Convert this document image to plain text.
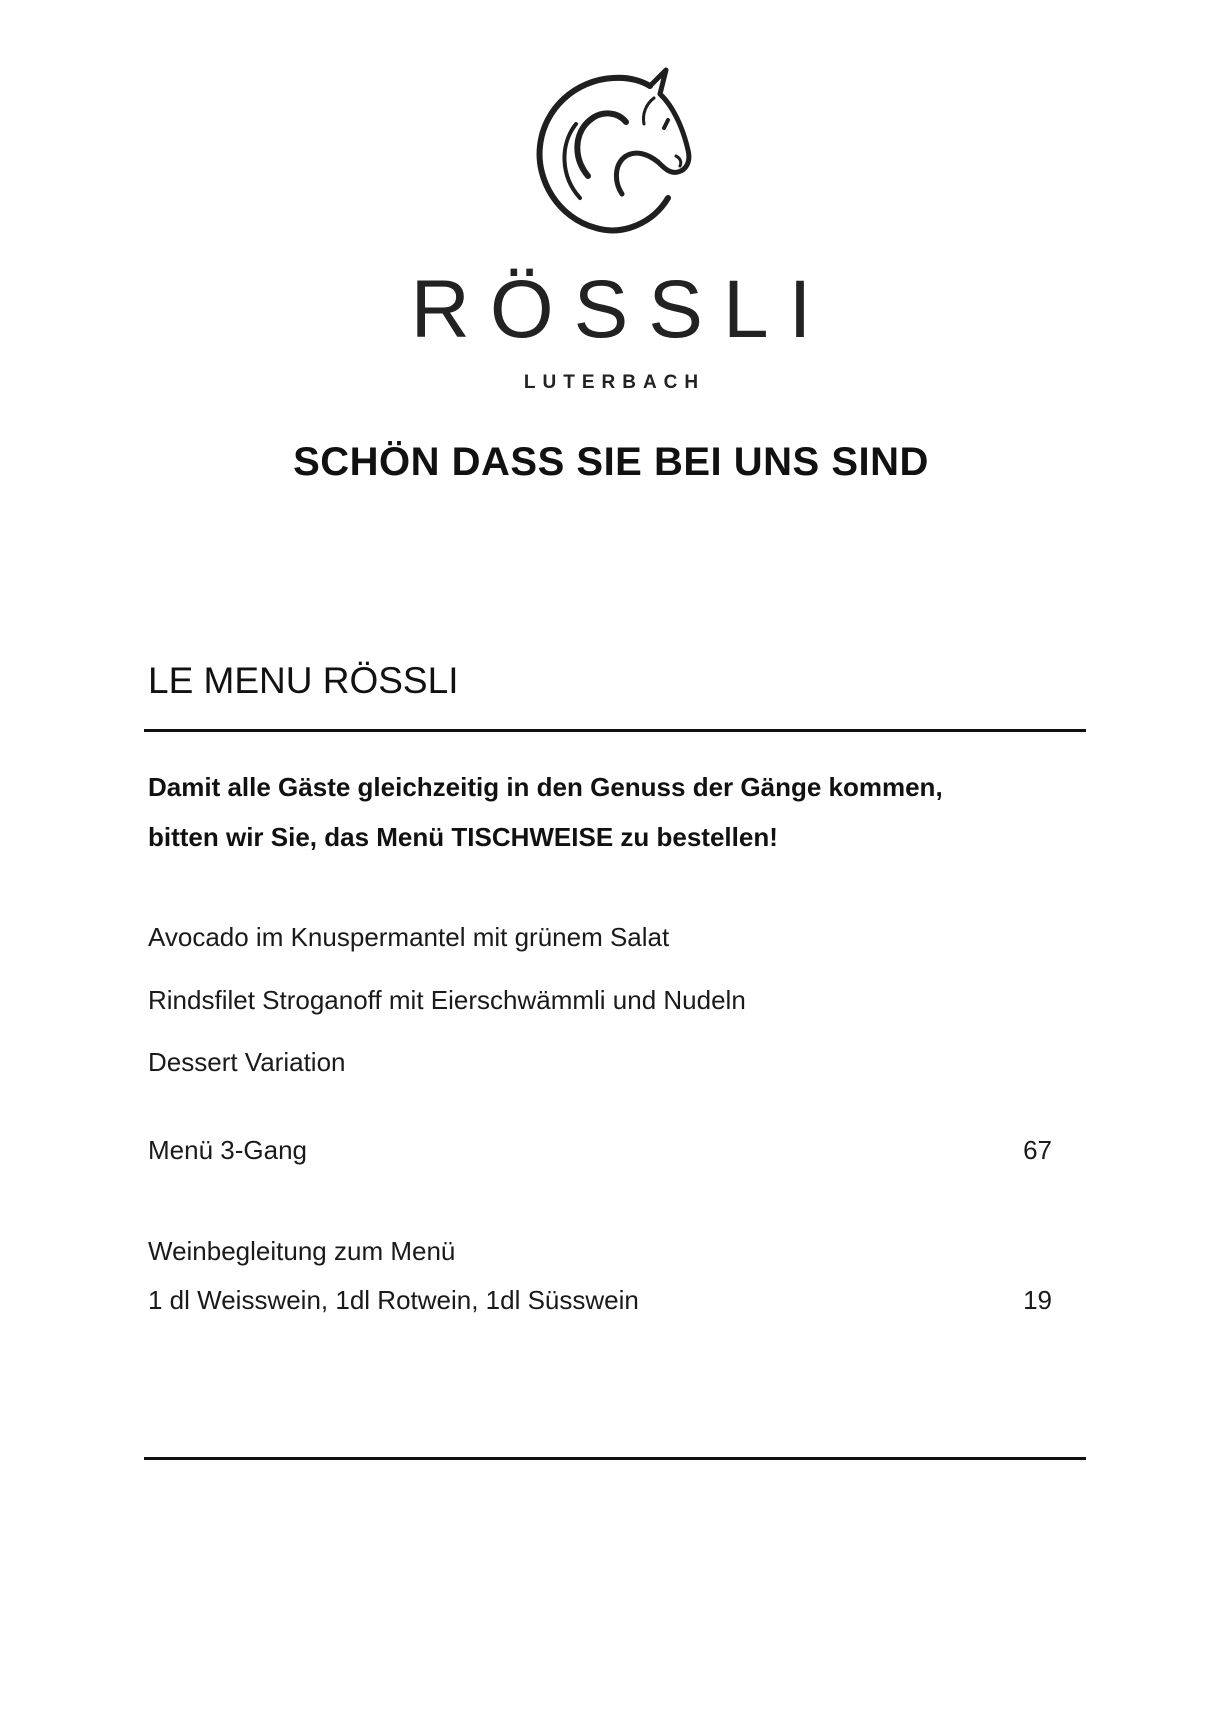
RÖSSLI
LUTERBACH
SCHÖN DASS SIE BEI UNS SIND
LE MENU RÖSSLI
Damit alle Gäste gleichzeitig in den Genuss der Gänge kommen,
bitten wir Sie, das Menü TISCHWEISE zu bestellen!
Avocado im Knuspermantel mit grünem Salat
Rindsfilet Stroganoff mit Eierschwämmli und Nudeln
Dessert Variation
Menü 3-Gang	67
Weinbegleitung zum Menü
1 dl Weisswein, 1dl Rotwein, 1dl Süsswein	19
